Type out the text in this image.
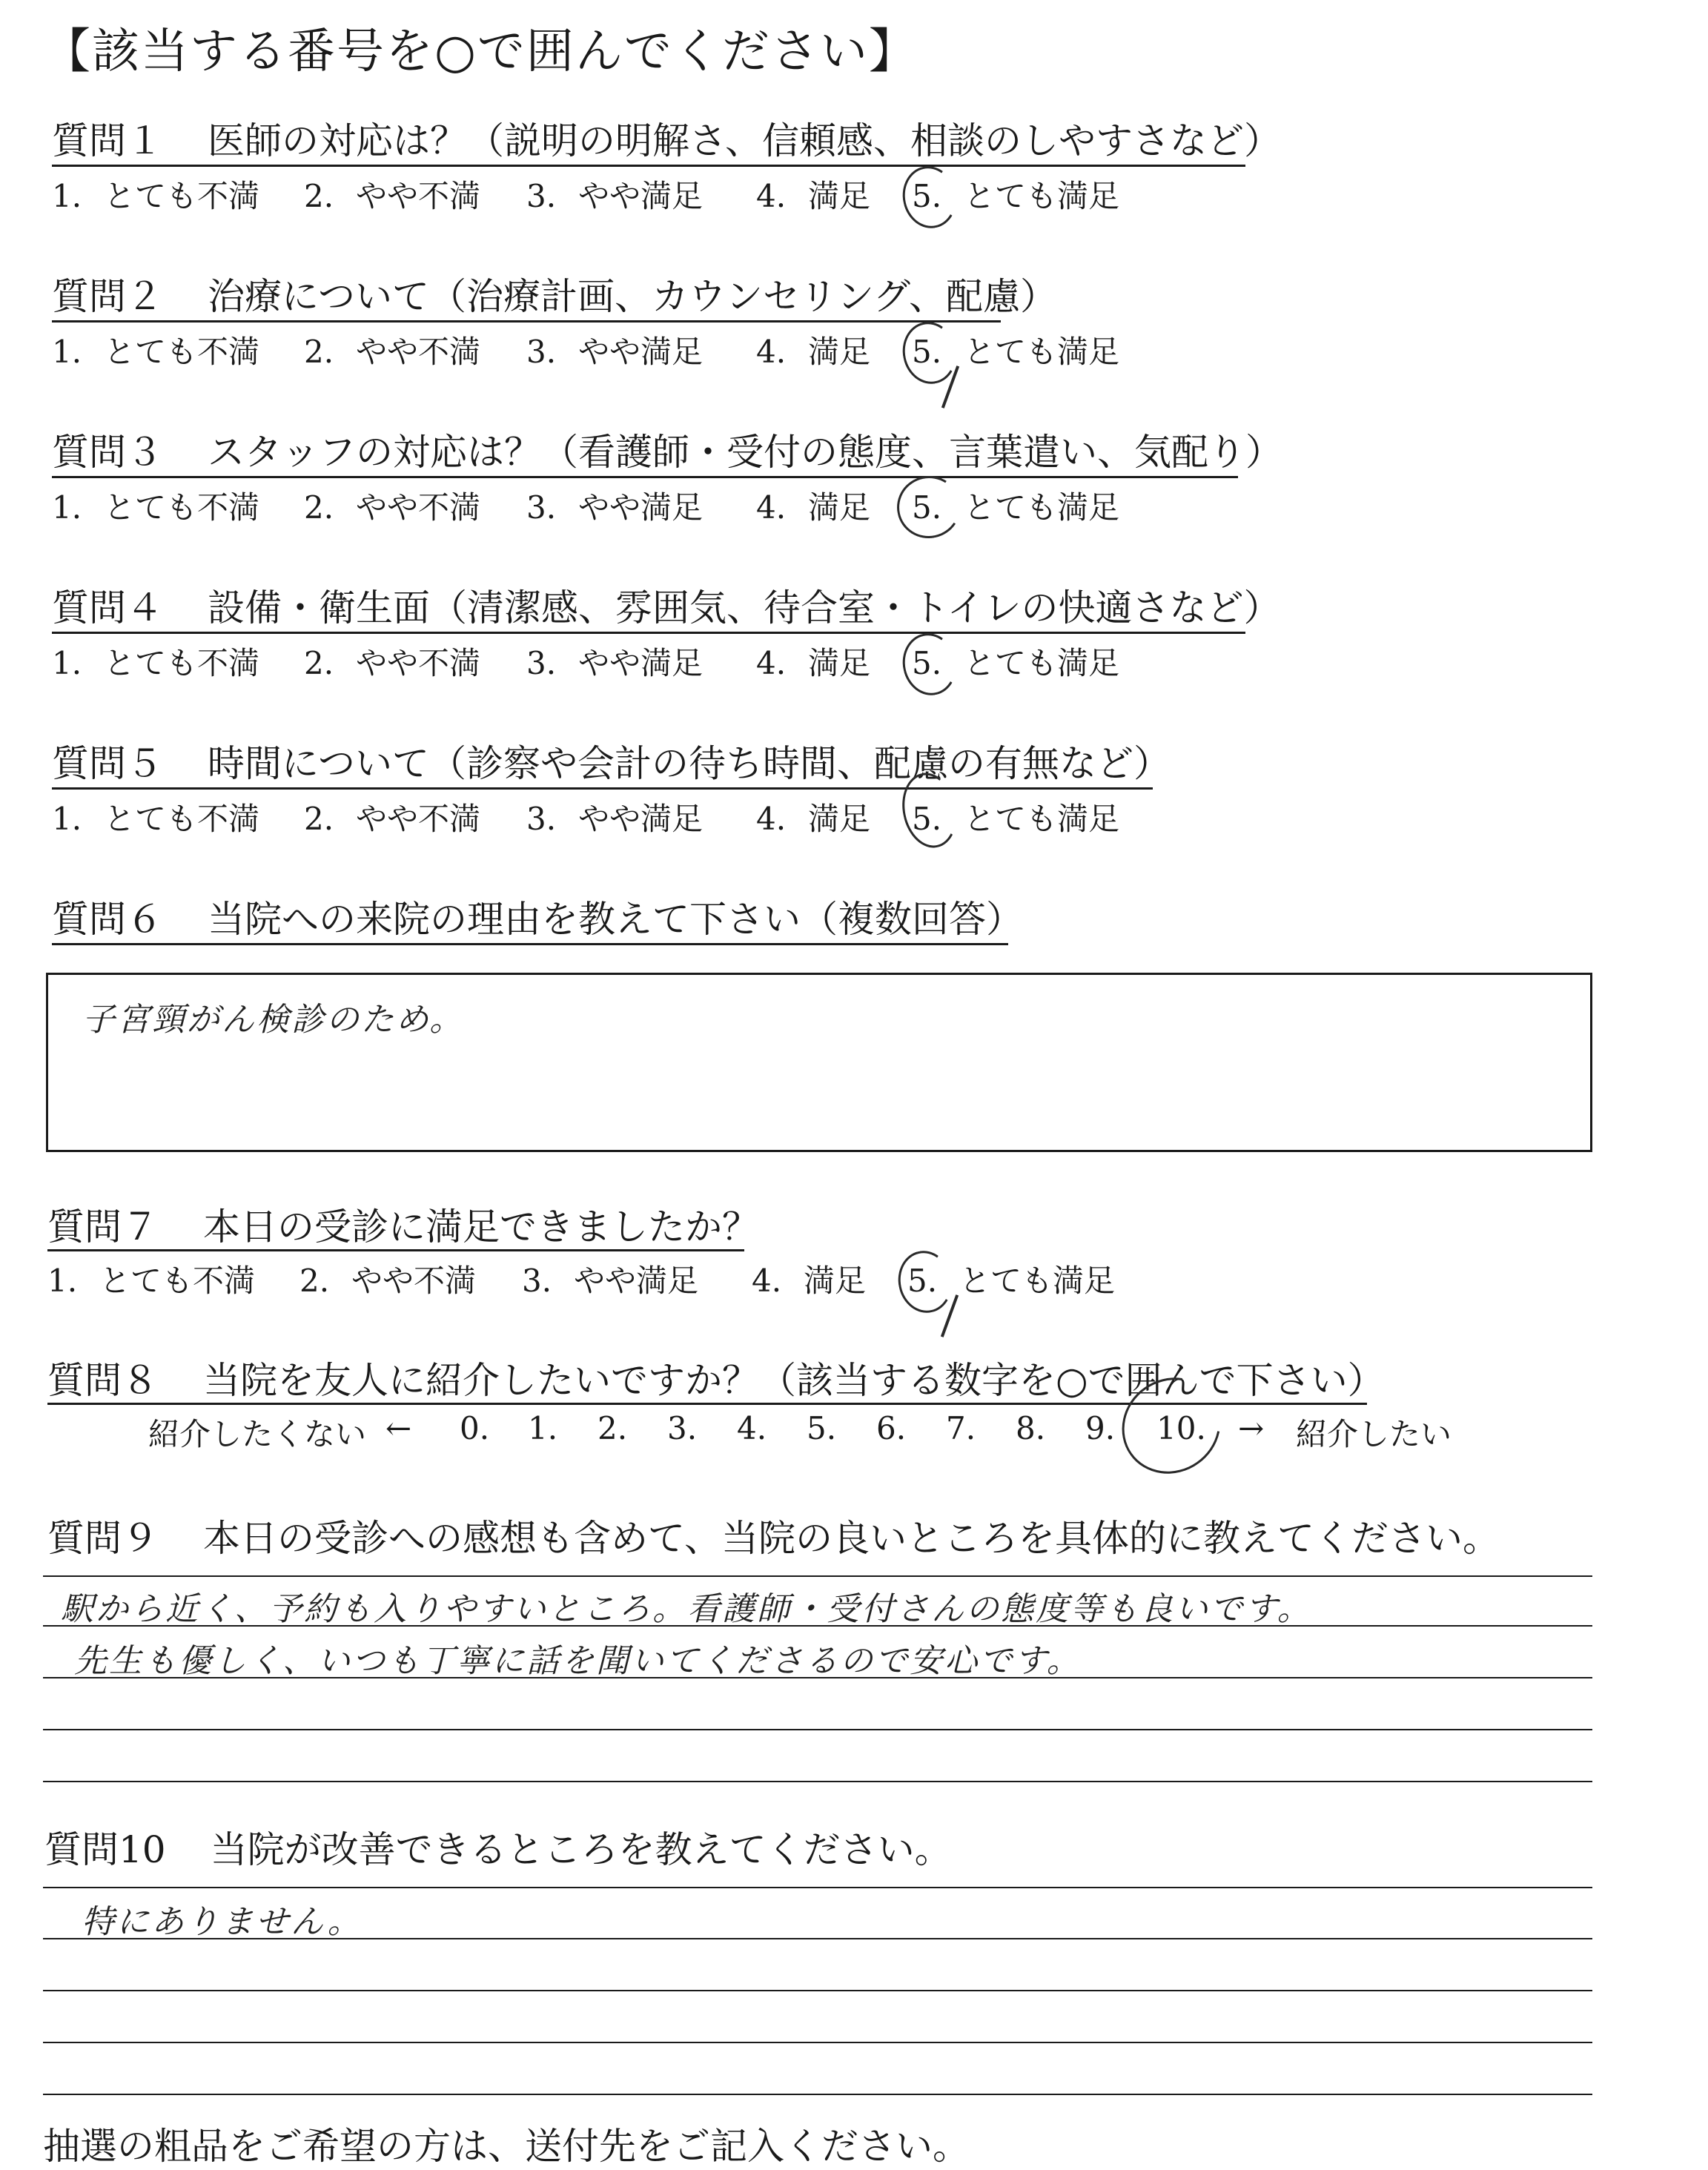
【該当する番号を○で囲んでください】
質問１ 医師の対応は？（説明の明解さ、信頼感、相談のしやすさなど）
1. とても不満 2. やや不満 3. やや満足 4. 満足 5. とても満足
質問２ 治療について（治療計画、カウンセリング、配慮）
1. とても不満 2. やや不満 3. やや満足 4. 満足 5. とても満足
質問３ スタッフの対応は？（看護師・受付の態度、言葉遣い、気配り）
1. とても不満 2. やや不満 3. やや満足 4. 満足 5. とても満足
質問４ 設備・衛生面（清潔感、雰囲気、待合室・トイレの快適さなど）
1. とても不満 2. やや不満 3. やや満足 4. 満足 5. とても満足
質問５ 時間について（診察や会計の待ち時間、配慮の有無など）
1. とても不満 2. やや不満 3. やや満足 4. 満足 5. とても満足
質問６ 当院への来院の理由を教えて下さい（複数回答）
子宮頸がん検診のため。
質問７ 本日の受診に満足できましたか？
1. とても不満 2. やや不満 3. やや満足 4. 満足 5. とても満足
質問８ 当院を友人に紹介したいですか？（該当する数字を○で囲んで下さい）
紹介したくない ← 0. 1. 2. 3. 4. 5. 6. 7. 8. 9. 10. → 紹介したい
質問９ 本日の受診への感想も含めて、当院の良いところを具体的に教えてください。
駅から近く、予約も入りやすいところ。看護師・受付さんの態度等も良いです。
先生も優しく、いつも丁寧に話を聞いてくださるので安心です。
質問10 当院が改善できるところを教えてください。
特にありません。
抽選の粗品をご希望の方は、送付先をご記入ください。
